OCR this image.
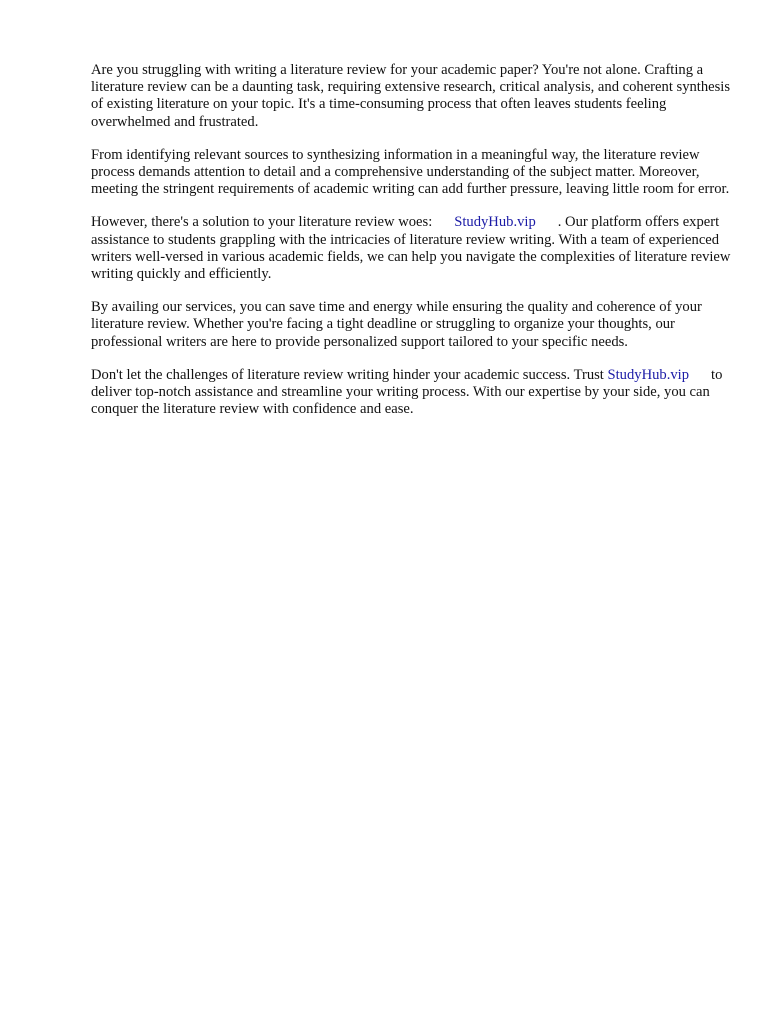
Are you struggling with writing a literature review for your academic paper? You're not alone. Crafting a literature review can be a daunting task, requiring extensive research, critical analysis, and coherent synthesis of existing literature on your topic. It's a time-consuming process that often leaves students feeling overwhelmed and frustrated.

From identifying relevant sources to synthesizing information in a meaningful way, the literature review process demands attention to detail and a comprehensive understanding of the subject matter. Moreover, meeting the stringent requirements of academic writing can add further pressure, leaving little room for error.

However, there's a solution to your literature review woes: StudyHub.vip . Our platform offers expert assistance to students grappling with the intricacies of literature review writing. With a team of experienced writers well-versed in various academic fields, we can help you navigate the complexities of literature review writing quickly and efficiently.

By availing our services, you can save time and energy while ensuring the quality and coherence of your literature review. Whether you're facing a tight deadline or struggling to organize your thoughts, our professional writers are here to provide personalized support tailored to your specific needs.

Don't let the challenges of literature review writing hinder your academic success. Trust StudyHub.vip to deliver top-notch assistance and streamline your writing process. With our expertise by your side, you can conquer the literature review with confidence and ease.
